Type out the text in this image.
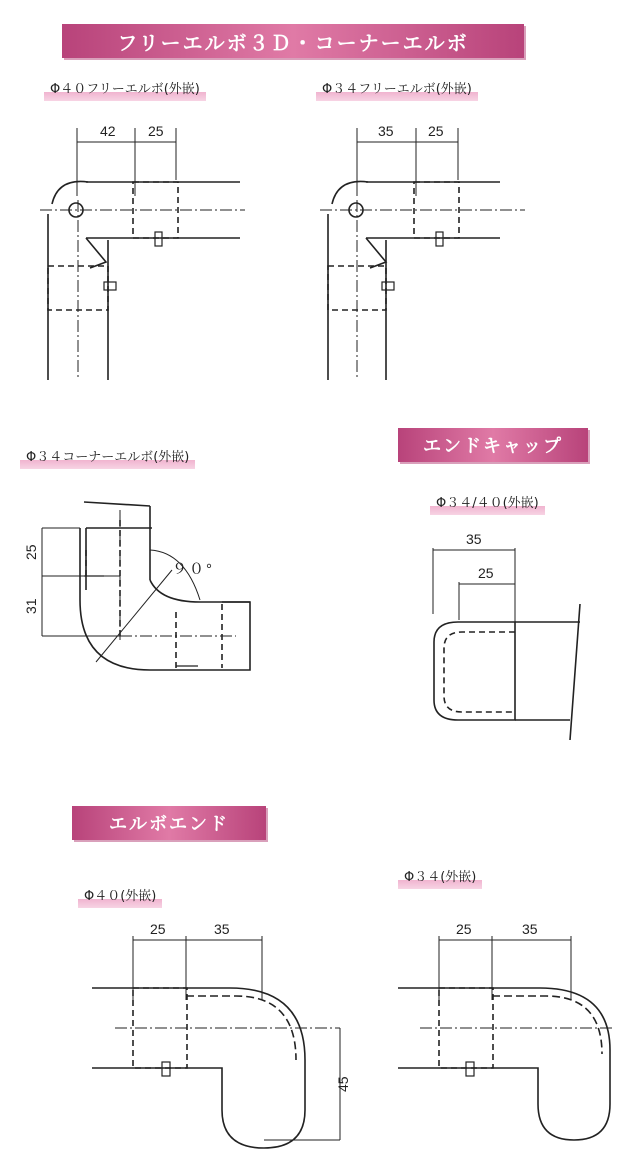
フリーエルボ３Ｄ・コーナーエルボ
エンドキャップ
エルボエンド
Φ４０フリーエルボ(外嵌)	Φ３４フリーエルボ(外嵌)
Φ３４コーナーエルボ(外嵌)
Φ３４/４０(外嵌)
Φ４０(外嵌)
Φ３４(外嵌)
42 25	35 25
25
31
９０°
35
25
25	35
45
25	35
